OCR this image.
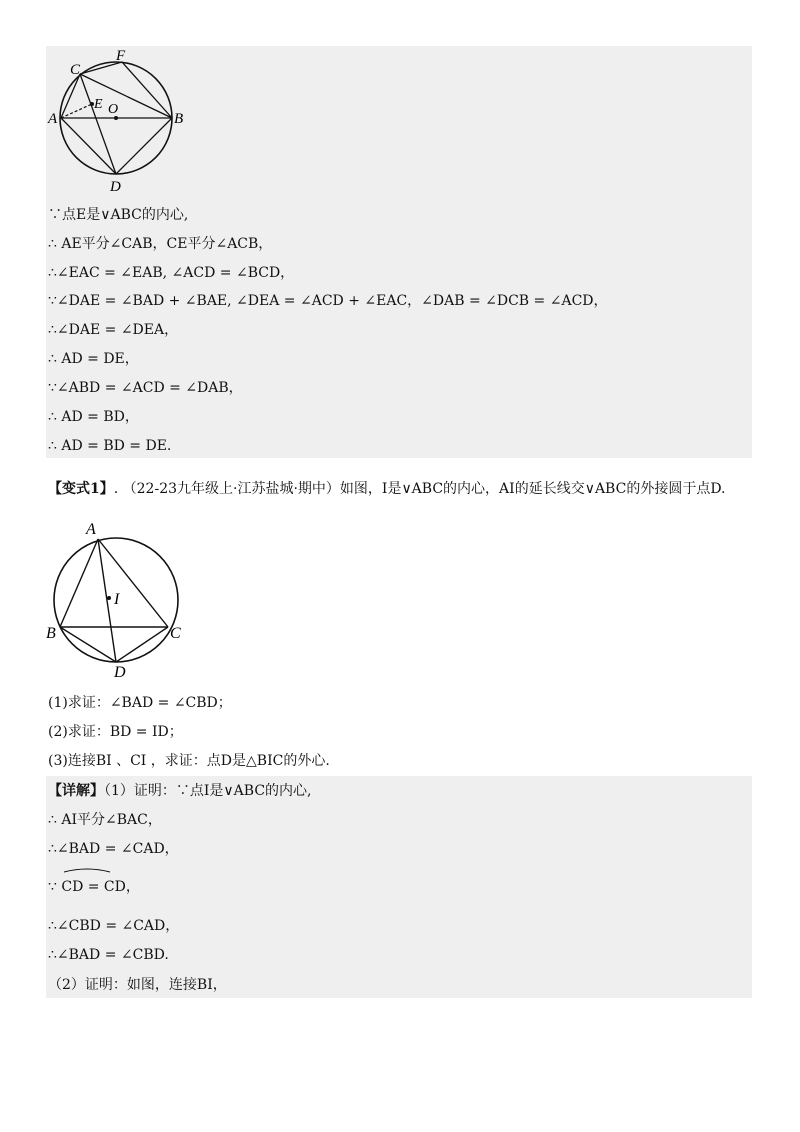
A	B
C
F
D
E O
∵点E是∨ABC的内心,
∴ AE平分∠CAB，CE平分∠ACB，
∴∠EAC = ∠EAB, ∠ACD = ∠BCD，
∵∠DAE = ∠BAD + ∠BAE, ∠DEA = ∠ACD + ∠EAC，∠DAB = ∠DCB = ∠ACD，
∴∠DAE = ∠DEA，
∴ AD = DE，
∵∠ABD = ∠ACD = ∠DAB，
∴ AD = BD，
∴ AD = BD = DE.
【变式1】. （22-23九年级上·江苏盐城·期中）如图，I是∨ABC的内心，AI的延长线交∨ABC的外接圆于点D.
A
B	C
D
I
(1)求证：∠BAD = ∠CBD；
(2)求证：BD = ID；
(3)连接BI 、CI ，求证：点D是△BIC的外心.
【详解】（1）证明：∵点I是∨ABC的内心,
∴ AI平分∠BAC，
∴∠BAD = ∠CAD，
∵ CD = CD，
∴∠CBD = ∠CAD，
∴∠BAD = ∠CBD.
（2）证明：如图，连接BI，
